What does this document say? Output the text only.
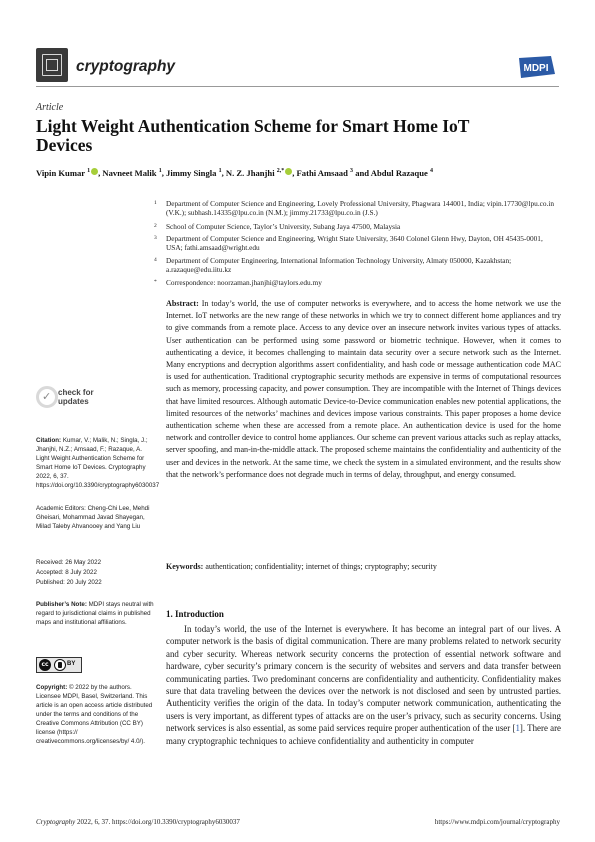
cryptography	MDPI
Article
Light Weight Authentication Scheme for Smart Home IoT Devices
Vipin Kumar $^1$ , Navneet Malik $^1$, Jimmy Singla $^1$, N. Z. Jhanjhi $^{2,*}$ , Fathi Amsaad $^3$ and Abdul Razaque $^4$
1 Department of Computer Science and Engineering, Lovely Professional University, Phagwara 144001, India; vipin.17730@lpu.co.in (V.K.); subhash.14335@lpu.co.in (N.M.); jimmy.21733@lpu.co.in (J.S.)
2 School of Computer Science, Taylor’s University, Subang Jaya 47500, Malaysia
3 Department of Computer Science and Engineering, Wright State University, 3640 Colonel Glenn Hwy, Dayton, OH 45435-0001, USA; fathi.amsaad@wright.edu
4 Department of Computer Engineering, International Information Technology University, Almaty 050000, Kazakhstan; a.razaque@edu.iitu.kz
* Correspondence: noorzaman.jhanjhi@taylors.edu.my
Abstract: In today’s world, the use of computer networks is everywhere, and to access the home network we use the Internet. IoT networks are the new range of these networks in which we try to connect different home appliances and try to give commands from a remote place. Access to any device over an insecure network invites various types of attacks. User authentication can be performed using some password or biometric technique. However, when it comes to authenticating a device, it becomes challenging to maintain data security over a secure network such as the Internet. Many encryptions and decryption algorithms assert confidentiality, and hash code or message authentication code MAC is used for authentication. Traditional cryptographic security methods are expensive in terms of computational resources such as memory, processing capacity, and power consumption. They are incompatible with the Internet of Things devices that have limited resources. Although automatic Device-to-Device communication enables new potential applications, the limited resources of the networks’ machines and devices impose various constraints. This paper proposes a home device authentication scheme when these are accessed from a remote place. An authentication device is used for the home network and controller device to control home appliances. Our scheme can prevent various attacks such as replay attacks, server spoofing, and man-in-the-middle attack. The proposed scheme maintains the confidentiality and authenticity of the user and devices in the network. At the same time, we check the system in a simulated environment, and the results show that the network’s performance does not degrade much in terms of delay, throughput, and energy consumed.
Keywords: authentication; confidentiality; internet of things; cryptography; security
✓ check for updates
Citation: Kumar, V.; Malik, N.; Singla, J.; Jhanjhi, N.Z.; Amsaad, F.; Razaque, A. Light Weight Authentication Scheme for Smart Home IoT Devices. Cryptography 2022, 6, 37. https://doi.org/10.3390/cryptography6030037
Academic Editors: Cheng-Chi Lee, Mehdi Gheisari, Mohammad Javad Shayegan, Milad Taleby Ahvanooey and Yang Liu
Received: 26 May 2022
Accepted: 8 July 2022
Published: 20 July 2022
Publisher’s Note: MDPI stays neutral with regard to jurisdictional claims in published maps and institutional affiliations.
cc	BY
Copyright: © 2022 by the authors. Licensee MDPI, Basel, Switzerland. This article is an open access article distributed under the terms and conditions of the Creative Commons Attribution (CC BY) license (https:// creativecommons.org/licenses/by/ 4.0/).
1. Introduction
In today’s world, the use of the Internet is everywhere. It has become an integral part of our lives. A computer network is the basis of digital communication. There are many problems related to network security and cyber security. Whereas network security concerns the protection of essential network software and hardware, cyber security’s primary concern is the security of websites and servers and data transfer between communicating parties. Two predominant concerns are confidentiality and authenticity. Confidentiality makes sure that data traveling between the devices over the network is not disclosed and seen by untrusted parties. Authenticity verifies the origin of the data. In today’s computer network communication, authenticating the users is very important, as different types of attacks are on the user’s privacy, such as security concerns. Using network services is also essential, as some paid services require proper authentication of the user [1]. There are many cryptographic techniques to achieve confidentiality and authenticity in computer
Cryptography 2022, 6, 37. https://doi.org/10.3390/cryptography6030037	https://www.mdpi.com/journal/cryptography
